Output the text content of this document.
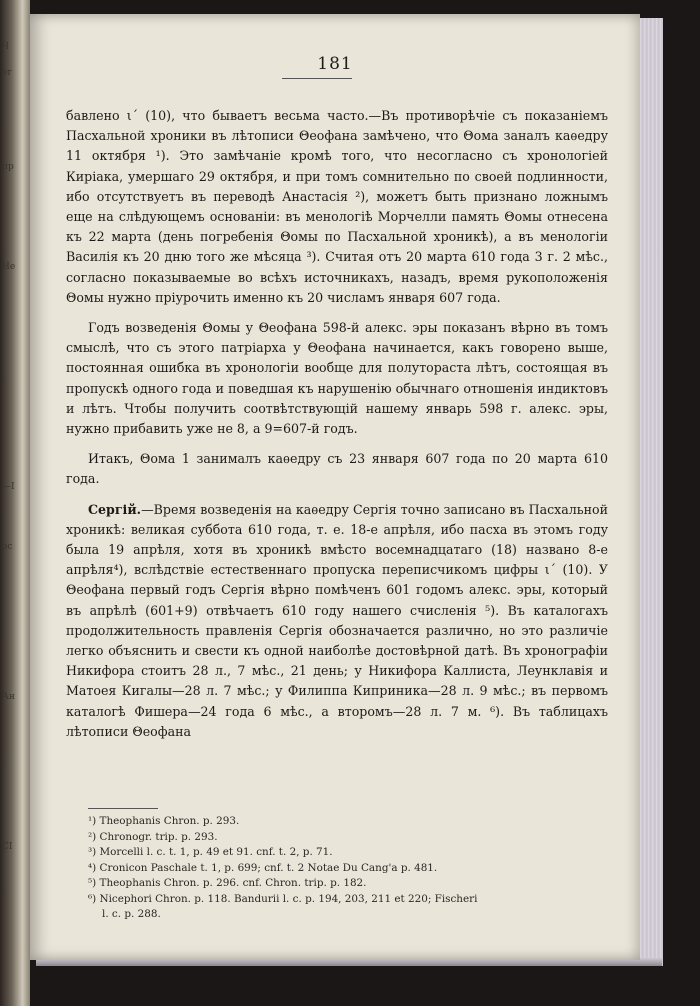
Ч
ег
пр
Не
—І
ос
Ан
СІ
181

бавлено ι´ (10), что бываетъ весьма часто.—Въ противорѣчіе съ показаніемъ Пасхальной хроники въ лѣтописи Θеофана замѣчено, что Θома заналъ каѳедру 11 октября ¹). Это замѣчаніе кромѣ того, что несогласно съ хронологіей Киріака, умершаго 29 октября, и при томъ сомнительно по своей подлинности, ибо отсутствуетъ въ переводѣ Анастасія ²), можетъ быть признано ложнымъ еще на слѣдующемъ основаніи: въ менологіѣ Морчелли память Θомы отнесена къ 22 марта (день погребенія Θомы по Пасхальной хроникѣ), а въ менологіи Василія къ 20 дню того же мѣсяца ³). Считая отъ 20 марта 610 года 3 г. 2 мѣс., согласно показываемые во всѣхъ источникахъ, назадъ, время рукоположенія Θомы нужно пріурочить именно къ 20 числамъ января 607 года.

Годъ возведенія Θомы у Θеофана 598-й алекс. эры показанъ вѣрно въ томъ смыслѣ, что съ этого патріарха у Θеофана начинается, какъ говорено выше, постоянная ошибка въ хронологіи вообще для полутораста лѣтъ, состоящая въ пропускѣ одного года и поведшая къ нарушенію обычнаго отношенія индиктовъ и лѣтъ. Чтобы получить соотвѣтствующій нашему январь 598 г. алекс. эры, нужно прибавить уже не 8, а 9=607-й годъ.

Итакъ, Θома 1 занималъ каѳедру съ 23 января 607 года по 20 марта 610 года.

Сергій.—Время возведенія на каѳедру Сергія точно записано въ Пасхальной хроникѣ: великая суббота 610 года, т. е. 18-е апрѣля, ибо пасха въ этомъ году была 19 апрѣля, хотя въ хроникѣ вмѣсто восемнадцатаго (18) названо 8-е апрѣля⁴), вслѣдствіе естественнаго пропуска переписчикомъ цифры ι´ (10). У Θеофана первый годъ Сергія вѣрно помѣченъ 601 годомъ алекс. эры, который въ апрѣлѣ (601+9) отвѣчаетъ 610 году нашего счисленія ⁵). Въ каталогахъ продолжительность правленія Сергія обозначается различно, но это различіе легко объяснить и свести къ одной наиболѣе достовѣрной датѣ. Въ хронографіи Никифора стоитъ 28 л., 7 мѣс., 21 день; у Никифора Каллиста, Леунклавія и Матоея Кигалы—28 л. 7 мѣс.; у Филиппа Киприника—28 л. 9 мѣс.; въ первомъ каталогѣ Фишера—24 года 6 мѣс., а второмъ—28 л. 7 м. ⁶). Въ таблицахъ лѣтописи Θеофана

¹) Theophanis Chron. p. 293.
²) Chronogr. trip. p. 293.
³) Morcelli l. c. t. 1, p. 49 et 91. cnf. t. 2, p. 71.
⁴) Cronicon Paschale t. 1, p. 699; cnf. t. 2 Notae Du Cang'a p. 481.
⁵) Theophanis Chron. p. 296. cnf. Chron. trip. p. 182.
⁶) Nicephori Chron. p. 118. Bandurii l. c. p. 194, 203, 211 et 220; Fischeri
l. c. p. 288.
